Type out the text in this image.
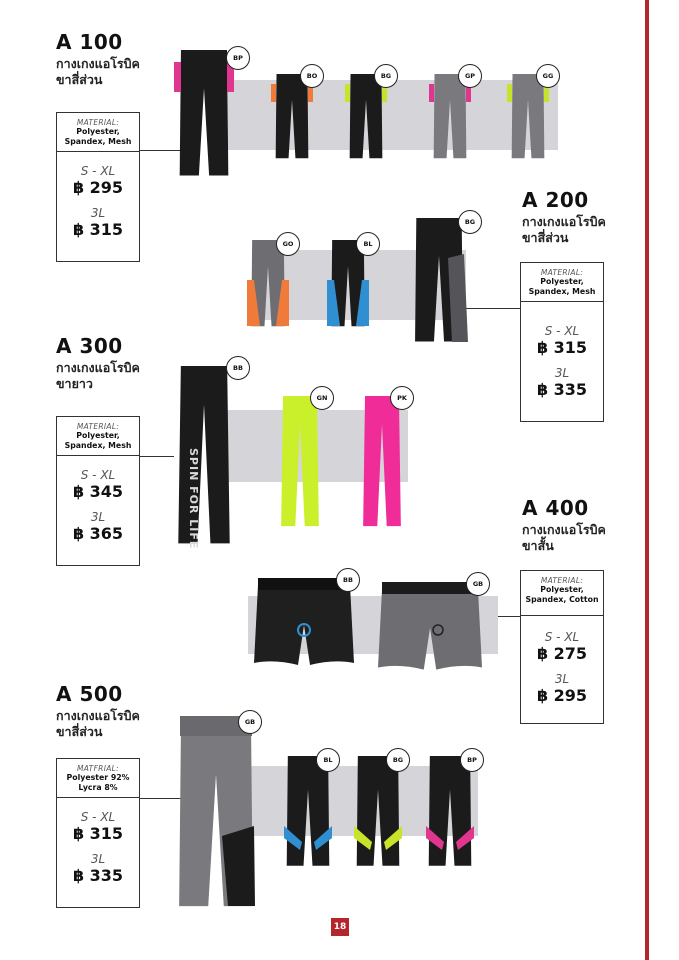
A 100
กางเกงแอโรบิค
ขาสี่ส่วน
MATERIAL:
Polyester,
Spandex, Mesh
S - XL
฿ 295
3L
฿ 315
BP
BO	BG	GP	GG
A 200
กางเกงแอโรบิค
ขาสี่ส่วน
MATERIAL:
Polyester,
Spandex, Mesh
S - XL
฿ 315
3L
฿ 335
GO	BL
BG
A 300
กางเกงแอโรบิค
ขายาว
MATERIAL:
Polyester,
Spandex, Mesh
S - XL
฿ 345
3L
฿ 365	SPIN FOR LIFE
BB
GN	PK
A 400
กางเกงแอโรบิค
ขาสั้น
MATERIAL:
Polyester,
Spandex, Cotton
S - XL
฿ 275
3L
฿ 295
BB	GB
A 500
กางเกงแอโรบิค
ขาสี่ส่วน
MATFRIAL:
Polyester 92%
Lycra 8%
S - XL
฿ 315
3L
฿ 335
GB
BL	BG	BP
18
